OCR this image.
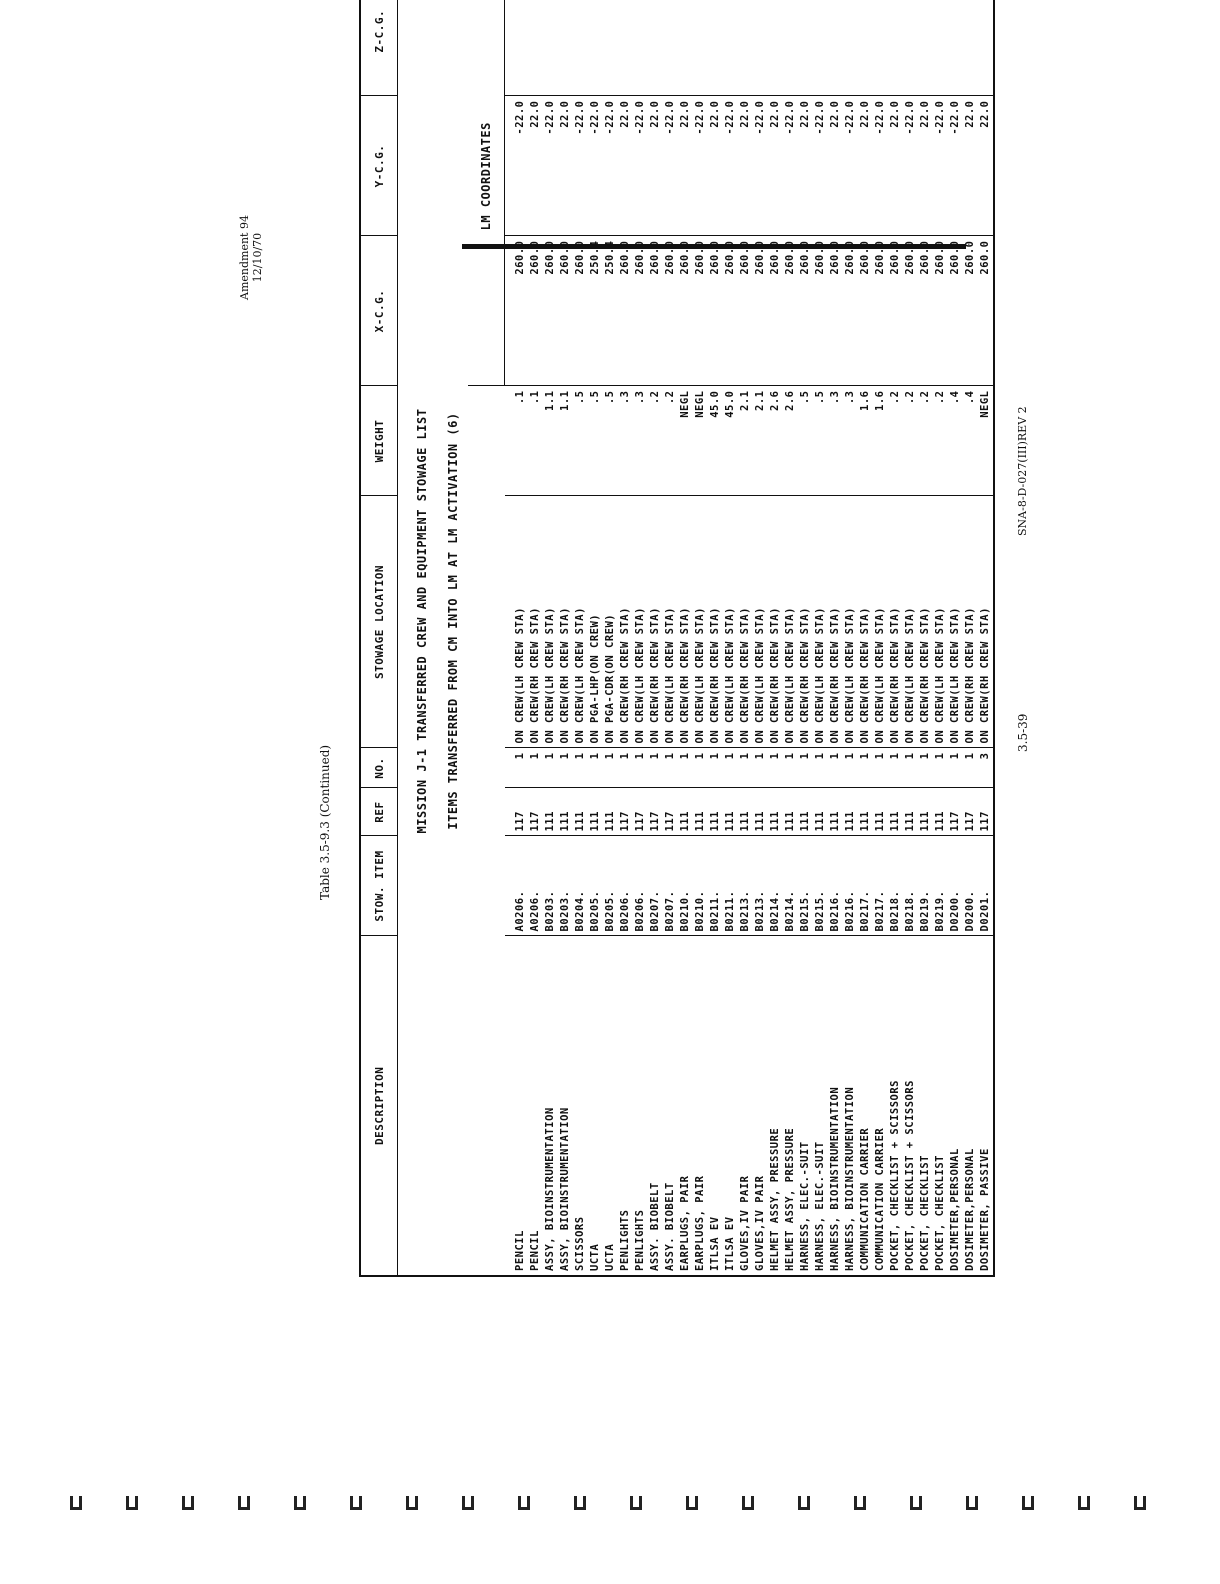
Amendment 94 12/10/70
Table 3.5-9.3 (Continued)	MISSION J-1 TRANSFERRED CREW AND EQUIPMENT STOWAGE LIST								
ITEMS TRANSFERRED FROM CM INTO LM AT LM ACTIVATION (6)								
						LM COORDINATES		
DESCRIPTION	STOW. ITEM	REF	NO.	STOWAGE LOCATION	WEIGHT	X-C.G.	Y-C.G.	Z-C.G.
PENCIL	A0206.	117	1	ON CREW(LH CREW STA)	.1	260.0	-22.0	
PENCIL	A0206.	117	1	ON CREW(RH CREW STA)	.1	260.0	22.0	
ASSY, BIOINSTRUMENTATION	B0203.	111	1	ON CREW(LH CREW STA)	1.1	260.0	-22.0	
ASSY, BIOINSTRUMENTATION	B0203.	111	1	ON CREW(RH CREW STA)	1.1	260.0	22.0	
SCISSORS	B0204.	111	1	ON CREW(LH CREW STA)	.5	260.0	-22.0	
UCTA	B0205.	111	1	ON PGA-LHP(ON CREW)	.5	250.4	-22.0	
UCTA	B0205.	111	1	ON PGA-CDR(ON CREW)	.5	250.4	-22.0	
PENLIGHTS	B0206.	117	1	ON CREW(RH CREW STA)	.3	260.0	22.0	
PENLIGHTS	B0206.	117	1	ON CREW(LH CREW STA)	.3	260.0	-22.0	
ASSY. BIOBELT	B0207.	117	1	ON CREW(RH CREW STA)	.2	260.0	22.0	
ASSY. BIOBELT	B0207.	117	1	ON CREW(LH CREW STA)	.2	260.0	-22.0	
EARPLUGS, PAIR	B0210.	111	1	ON CREW(RH CREW STA)	NEGL	260.0	22.0	
EARPLUGS, PAIR	B0210.	111	1	ON CREW(LH CREW STA)	NEGL	260.0	-22.0	
ITLSA EV	B0211.	111	1	ON CREW(RH CREW STA)	45.0	260.0	22.0	
ITLSA EV	B0211.	111	1	ON CREW(LH CREW STA)	45.0	260.0	-22.0	
GLOVES,IV PAIR	B0213.	111	1	ON CREW(RH CREW STA)	2.1	260.0	22.0	
GLOVES,IV PAIR	B0213.	111	1	ON CREW(LH CREW STA)	2.1	260.0	-22.0	
HELMET ASSY, PRESSURE	B0214.	111	1	ON CREW(RH CREW STA)	2.6	260.0	22.0	
HELMET ASSY, PRESSURE	B0214.	111	1	ON CREW(LH CREW STA)	2.6	260.0	-22.0	
HARNESS, ELEC.-SUIT	B0215.	111	1	ON CREW(RH CREW STA)	.5	260.0	22.0	
HARNESS, ELEC.-SUIT	B0215.	111	1	ON CREW(LH CREW STA)	.5	260.0	-22.0	
HARNESS, BIOINSTRUMENTATION	B0216.	111	1	ON CREW(RH CREW STA)	.3	260.0	22.0	
HARNESS, BIOINSTRUMENTATION	B0216.	111	1	ON CREW(LH CREW STA)	.3	260.0	-22.0	
COMMUNICATION CARRIER	B0217.	111	1	ON CREW(RH CREW STA)	1.6	260.0	22.0	
COMMUNICATION CARRIER	B0217.	111	1	ON CREW(LH CREW STA)	1.6	260.0	-22.0	
POCKET, CHECKLIST + SCISSORS	B0218.	111	1	ON CREW(RH CREW STA)	.2	260.0	22.0	
POCKET, CHECKLIST + SCISSORS	B0218.	111	1	ON CREW(LH CREW STA)	.2	260.0	-22.0	
POCKET, CHECKLIST	B0219.	111	1	ON CREW(RH CREW STA)	.2	260.0	22.0	
POCKET, CHECKLIST	B0219.	111	1	ON CREW(LH CREW STA)	.2	260.0	-22.0	
DOSIMETER,PERSONAL	D0200.	117	1	ON CREW(LH CREW STA)	.4	260.0	-22.0	
DOSIMETER,PERSONAL	D0200.	117	1	ON CREW(RH CREW STA)	.4	260.0	22.0	
DOSIMETER, PASSIVE	D0201.	117	3	ON CREW(RH CREW STA)	NEGL	260.0	22.0	
3.5-39
SNA-8-D-027(III)REV 2
